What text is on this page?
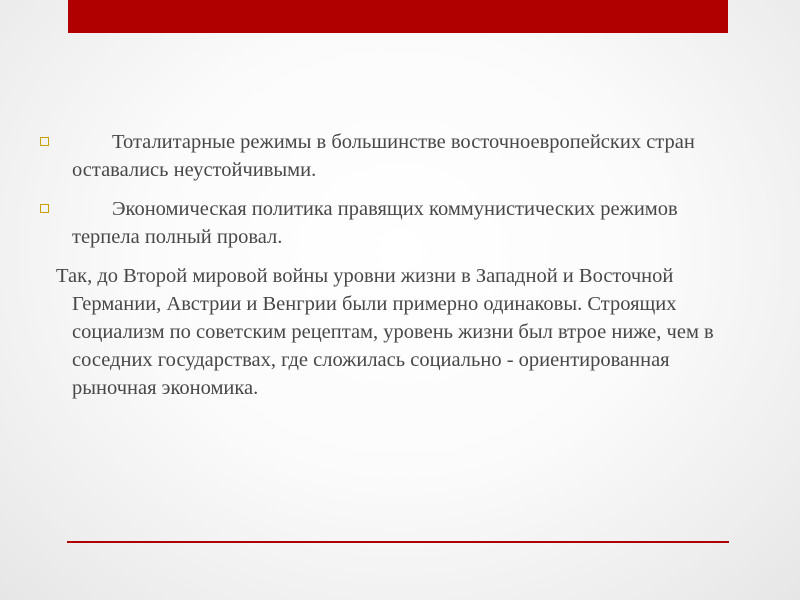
Тоталитарные режимы в большинстве восточноевропейских стран оставались неустойчивыми.
Экономическая политика правящих коммунистических режимов терпела полный провал.
Так, до Второй мировой войны уровни жизни в Западной и Восточной Германии, Австрии и Венгрии были примерно одинаковы. Строящих социализм по советским рецептам, уровень жизни был втрое ниже, чем в соседних государствах, где сложилась социально - ориентированная рыночная экономика.
